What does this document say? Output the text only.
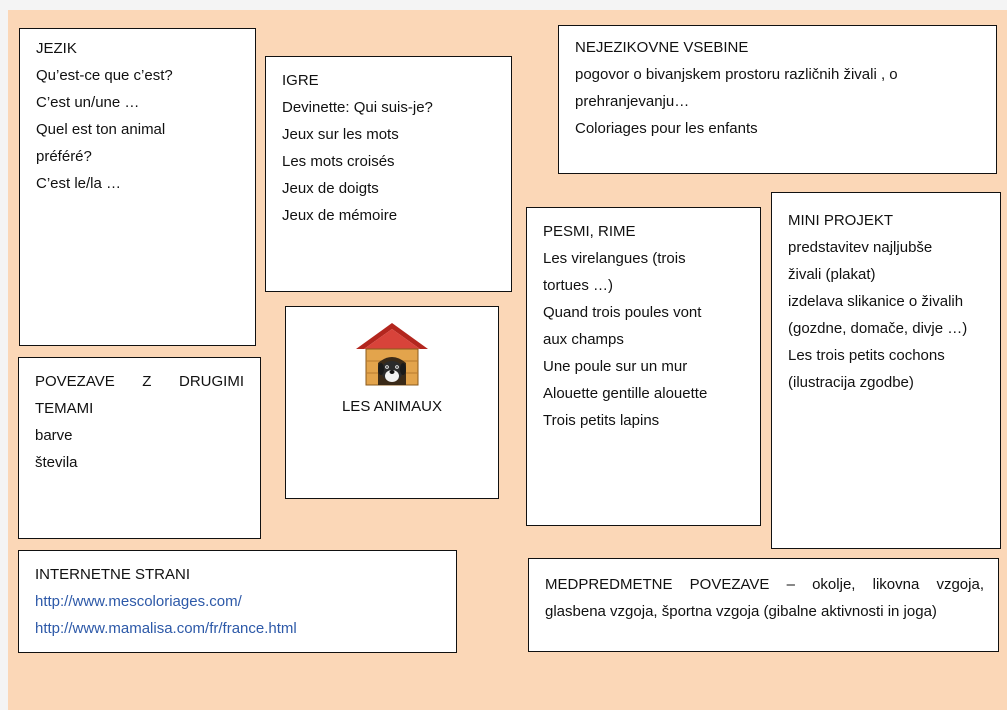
JEZIK
Qu’est-ce que c’est?
C’est un/une …
Quel est ton animal
préféré?
C’est le/la …
IGRE
Devinette: Qui suis-je?
Jeux sur les mots
Les mots croisés
Jeux de doigts
Jeux de mémoire
NEJEZIKOVNE VSEBINE
pogovor o bivanjskem prostoru različnih živali , o
prehranjevanju…
Coloriages pour les enfants
PESMI, RIME
Les virelangues (trois
tortues …)
Quand trois poules vont
aux champs
Une poule sur un mur
Alouette gentille alouette
Trois petits lapins
MINI PROJEKT
predstavitev najljubše
živali (plakat)
izdelava slikanice o živalih
(gozdne, domače, divje …)
Les trois petits cochons
(ilustracija zgodbe)
LES ANIMAUX
POVEZAVE Z DRUGIMI
TEMAMI
barve
števila
INTERNETNE STRANI
http://www.mescoloriages.com/
http://www.mamalisa.com/fr/france.html
MEDPREDMETNE POVEZAVE – okolje, likovna vzgoja, glasbena vzgoja, športna vzgoja (gibalne aktivnosti in joga)
